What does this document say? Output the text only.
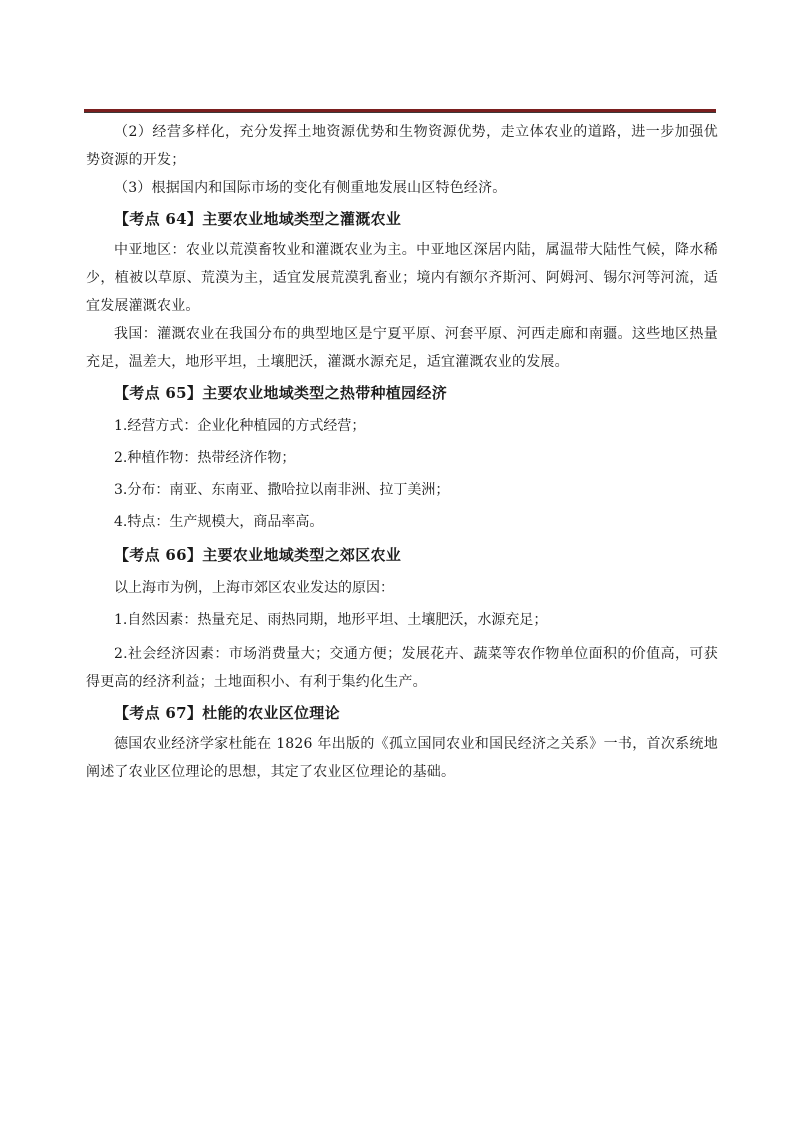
（2）经营多样化，充分发挥土地资源优势和生物资源优势，走立体农业的道路，进一步加强优势资源的开发；

（3）根据国内和国际市场的变化有侧重地发展山区特色经济。

【考点 64】主要农业地域类型之灌溉农业

中亚地区：农业以荒漠畜牧业和灌溉农业为主。中亚地区深居内陆，属温带大陆性气候，降水稀少，植被以草原、荒漠为主，适宜发展荒漠乳畜业；境内有额尔齐斯河、阿姆河、锡尔河等河流，适宜发展灌溉农业。

我国：灌溉农业在我国分布的典型地区是宁夏平原、河套平原、河西走廊和南疆。这些地区热量充足，温差大，地形平坦，土壤肥沃，灌溉水源充足，适宜灌溉农业的发展。

【考点 65】主要农业地域类型之热带种植园经济

1.经营方式：企业化种植园的方式经营；

2.种植作物：热带经济作物；

3.分布：南亚、东南亚、撒哈拉以南非洲、拉丁美洲；

4.特点：生产规模大，商品率高。

【考点 66】主要农业地域类型之郊区农业

以上海市为例，上海市郊区农业发达的原因：

1.自然因素：热量充足、雨热同期，地形平坦、土壤肥沃，水源充足；

2.社会经济因素：市场消费量大；交通方便；发展花卉、蔬菜等农作物单位面积的价值高，可获得更高的经济利益；土地面积小、有利于集约化生产。

【考点 67】杜能的农业区位理论

德国农业经济学家杜能在 1826 年出版的《孤立国同农业和国民经济之关系》一书，首次系统地阐述了农业区位理论的思想，其定了农业区位理论的基础。
